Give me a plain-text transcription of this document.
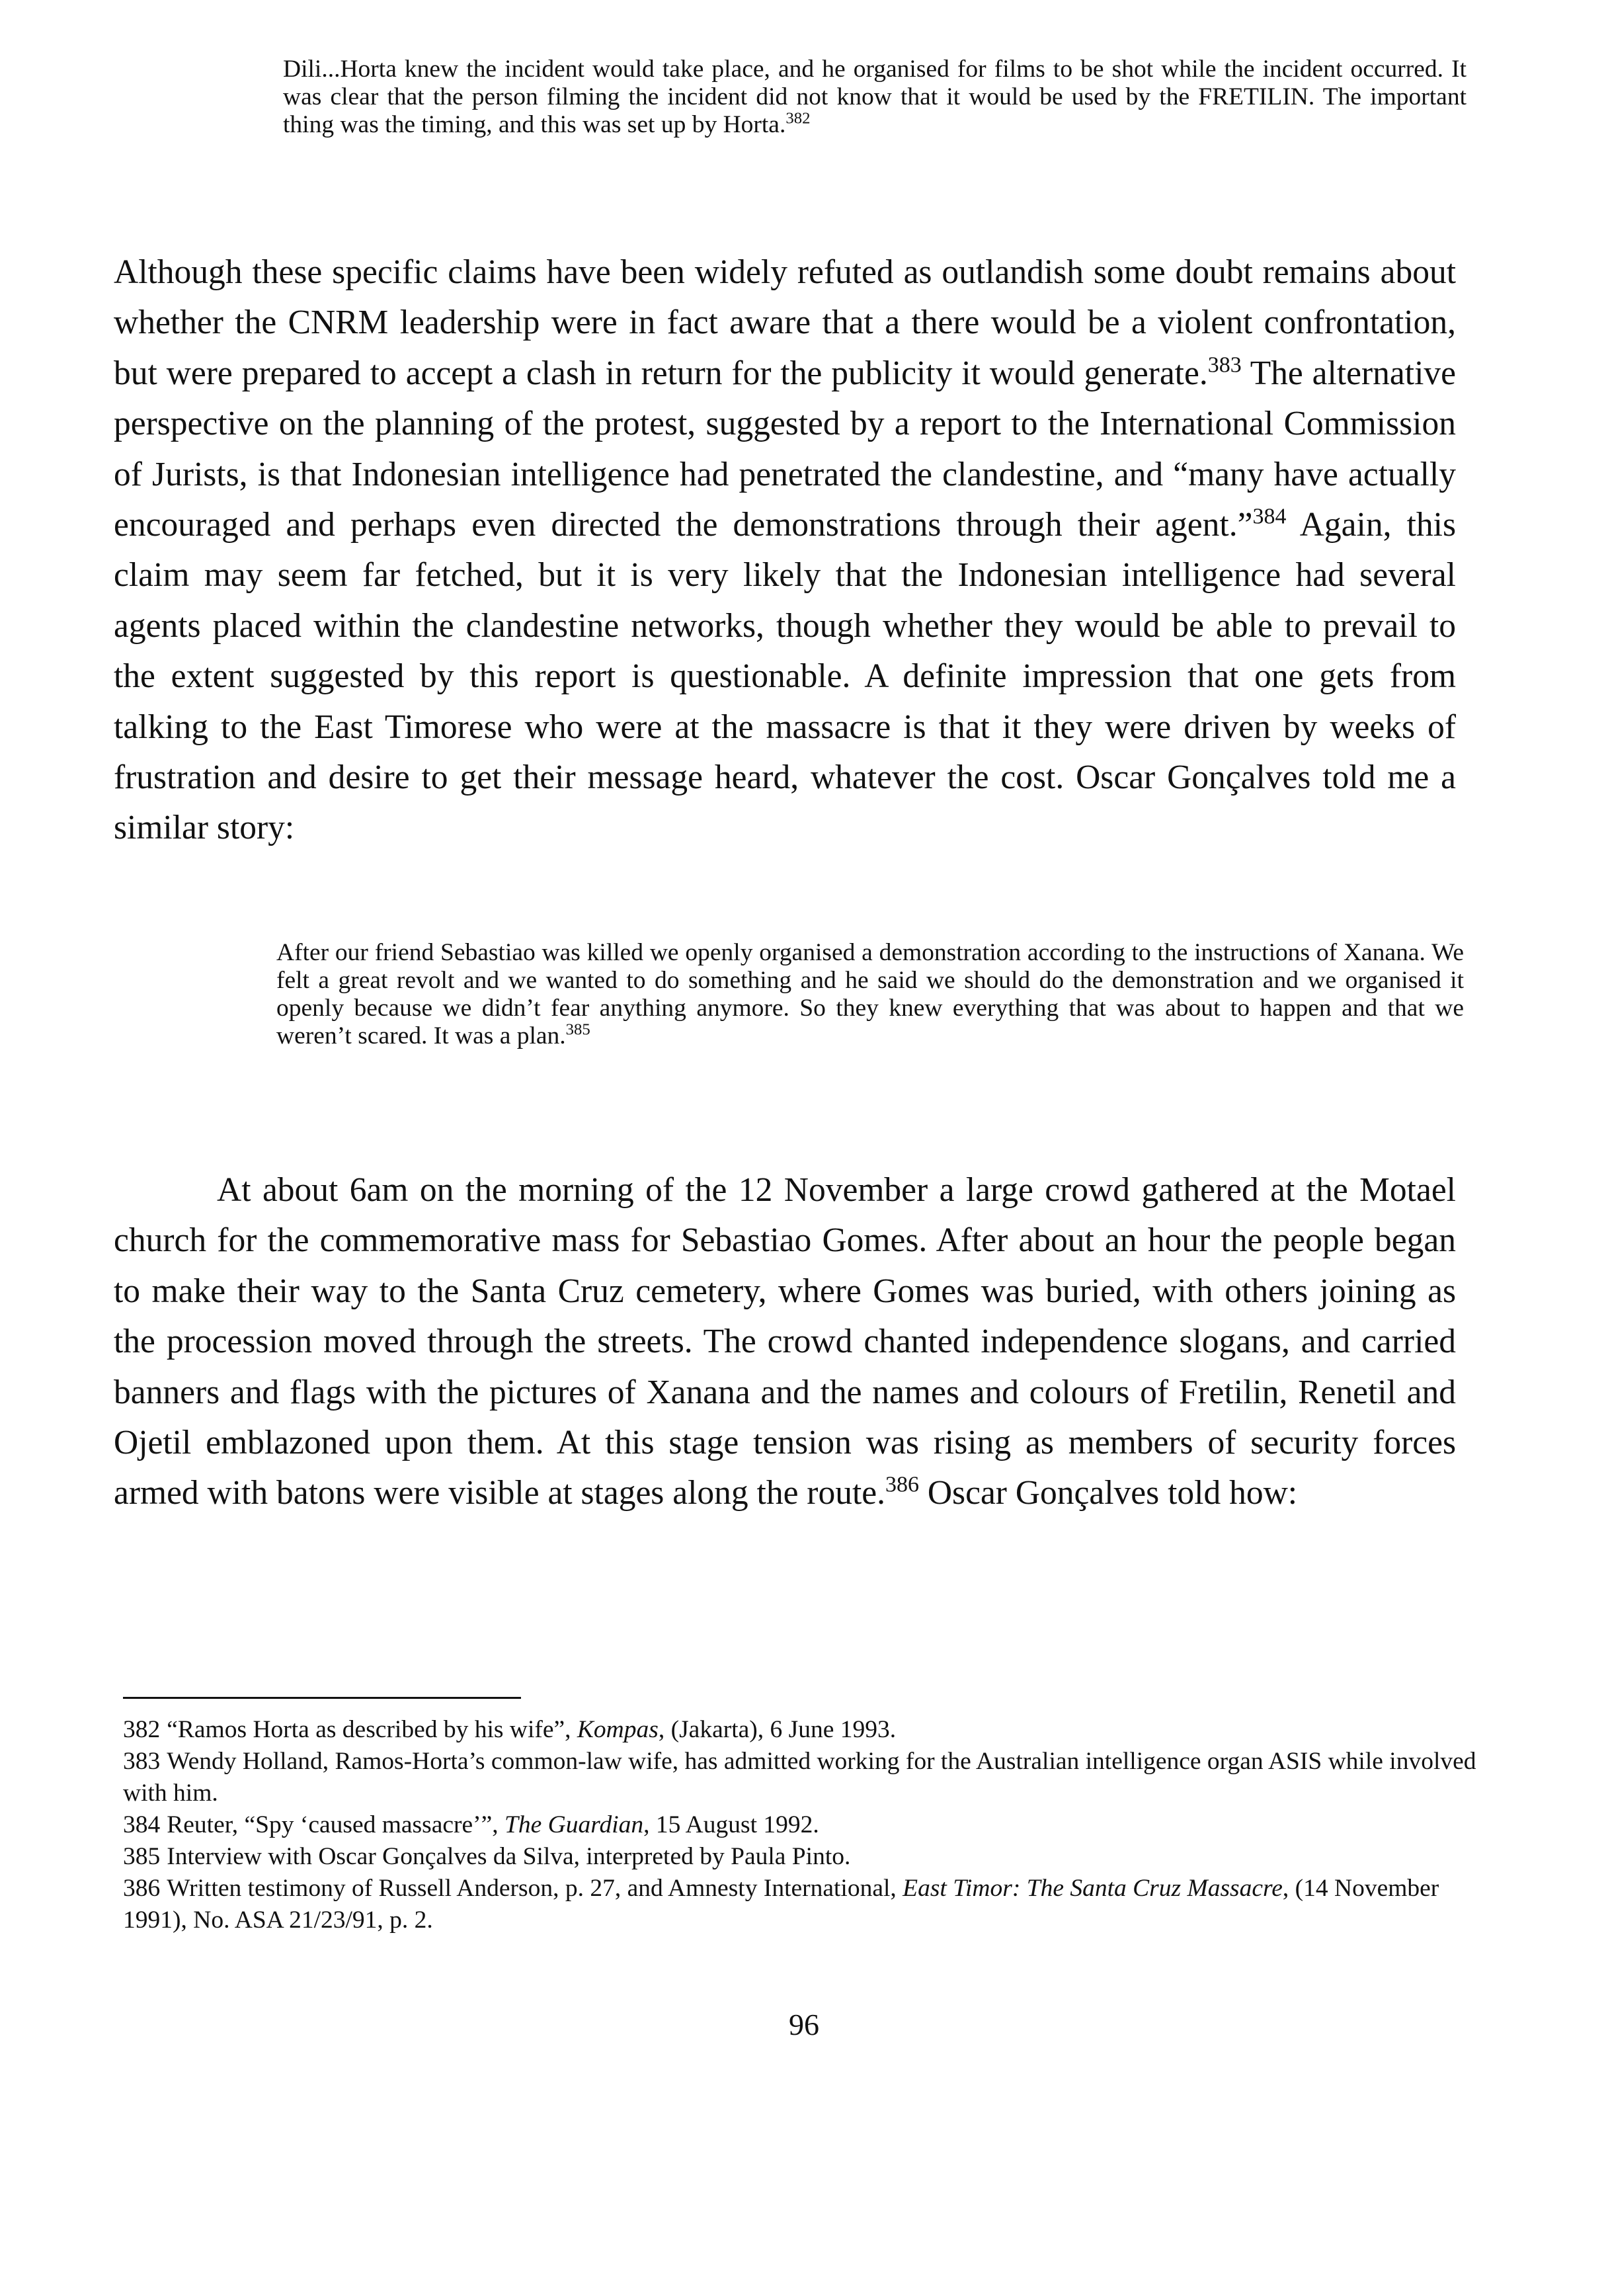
Dili...Horta knew the incident would take place, and he organised for films to be shot while the incident occurred. It was clear that the person filming the incident did not know that it would be used by the FRETILIN. The important thing was the timing, and this was set up by Horta.$^{382}$

Although these specific claims have been widely refuted as outlandish some doubt remains about whether the CNRM leadership were in fact aware that a there would be a violent confrontation, but were prepared to accept a clash in return for the publicity it would generate.$^{383}$ The alternative perspective on the planning of the protest, suggested by a report to the International Commission of Jurists, is that Indonesian intelligence had penetrated the clandestine, and “many have actually encouraged and perhaps even directed the demonstrations through their agent.”$^{384}$ Again, this claim may seem far fetched, but it is very likely that the Indonesian intelligence had several agents placed within the clandestine networks, though whether they would be able to prevail to the extent suggested by this report is questionable. A definite impression that one gets from talking to the East Timorese who were at the massacre is that it they were driven by weeks of frustration and desire to get their message heard, whatever the cost. Oscar Gonçalves told me a similar story:

After our friend Sebastiao was killed we openly organised a demonstration according to the instructions of Xanana. We felt a great revolt and we wanted to do something and he said we should do the demonstration and we organised it openly because we didn’t fear anything anymore. So they knew everything that was about to happen and that we weren’t scared. It was a plan.$^{385}$

At about 6am on the morning of the 12 November a large crowd gathered at the Motael church for the commemorative mass for Sebastiao Gomes. After about an hour the people began to make their way to the Santa Cruz cemetery, where Gomes was buried, with others joining as the procession moved through the streets. The crowd chanted independence slogans, and carried banners and flags with the pictures of Xanana and the names and colours of Fretilin, Renetil and Ojetil emblazoned upon them. At this stage tension was rising as members of security forces armed with batons were visible at stages along the route.$^{386}$ Oscar Gonçalves told how:

382 “Ramos Horta as described by his wife”, Kompas, (Jakarta), 6 June 1993.
383 Wendy Holland, Ramos-Horta’s common-law wife, has admitted working for the Australian intelligence organ ASIS while involved with him.
384 Reuter, “Spy ‘caused massacre’”, The Guardian, 15 August 1992.
385 Interview with Oscar Gonçalves da Silva, interpreted by Paula Pinto.
386 Written testimony of Russell Anderson, p. 27, and Amnesty International, East Timor: The Santa Cruz Massacre, (14 November 1991), No. ASA 21/23/91, p. 2.
96
